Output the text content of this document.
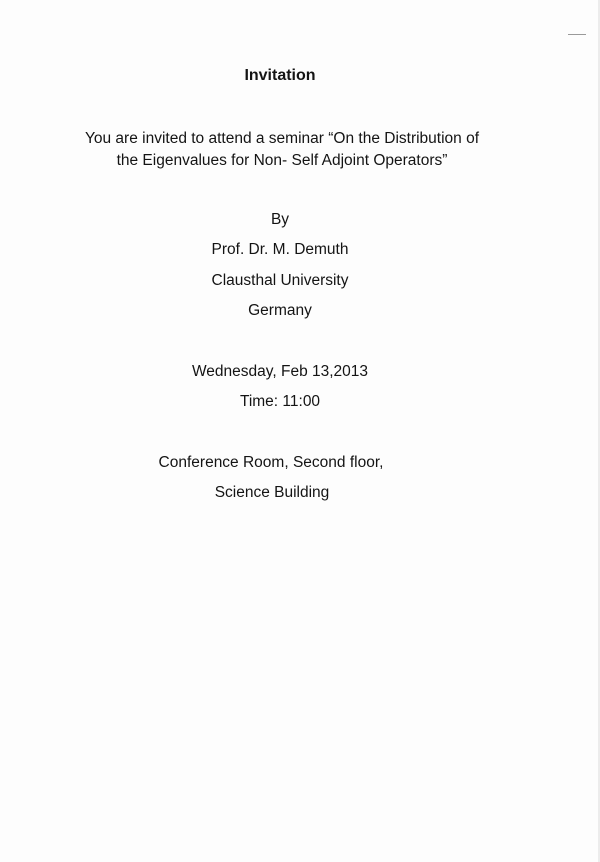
Invitation
You are invited to attend a seminar “On the Distribution of
the Eigenvalues for Non- Self Adjoint Operators”
By
Prof. Dr. M. Demuth
Clausthal University
Germany
Wednesday, Feb 13,2013
Time: 11:00
Conference Room, Second floor,
Science Building
